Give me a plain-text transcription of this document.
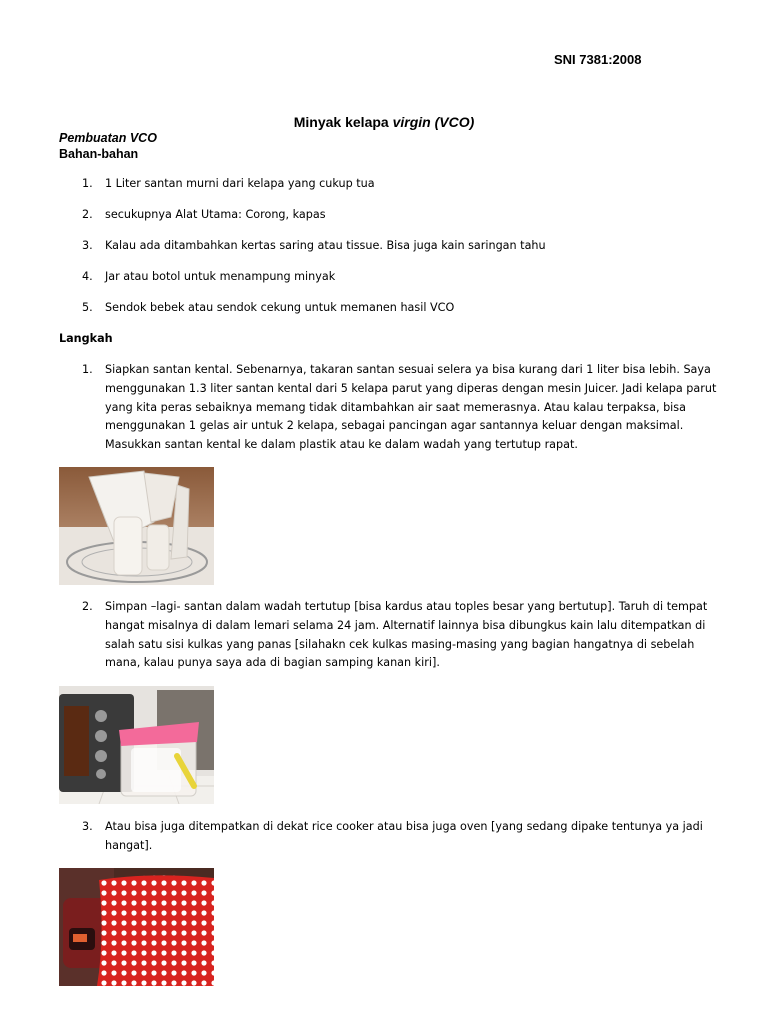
SNI 7381:2008
Minyak kelapa virgin (VCO)
Pembuatan VCO
Bahan-bahan
1. 1 Liter santan murni dari kelapa yang cukup tua
2. secukupnya Alat Utama: Corong, kapas
3. Kalau ada ditambahkan kertas saring atau tissue. Bisa juga kain saringan tahu
4. Jar atau botol untuk menampung minyak
5. Sendok bebek atau sendok cekung untuk memanen hasil VCO
Langkah
1. Siapkan santan kental. Sebenarnya, takaran santan sesuai selera ya bisa kurang dari 1 liter bisa lebih. Saya menggunakan 1.3 liter santan kental dari 5 kelapa parut yang diperas dengan mesin Juicer. Jadi kelapa parut yang kita peras sebaiknya memang tidak ditambahkan air saat memerasnya. Atau kalau terpaksa, bisa menggunakan 1 gelas air untuk 2 kelapa, sebagai pancingan agar santannya keluar dengan maksimal. Masukkan santan kental ke dalam plastik atau ke dalam wadah yang tertutup rapat.
2. Simpan –lagi- santan dalam wadah tertutup [bisa kardus atau toples besar yang bertutup]. Taruh di tempat hangat misalnya di dalam lemari selama 24 jam. Alternatif lainnya bisa dibungkus kain lalu ditempatkan di salah satu sisi kulkas yang panas [silahakn cek kulkas masing-masing yang bagian hangatnya di sebelah mana, kalau punya saya ada di bagian samping kanan kiri].
3. Atau bisa juga ditempatkan di dekat rice cooker atau bisa juga oven [yang sedang dipake tentunya ya jadi hangat].
